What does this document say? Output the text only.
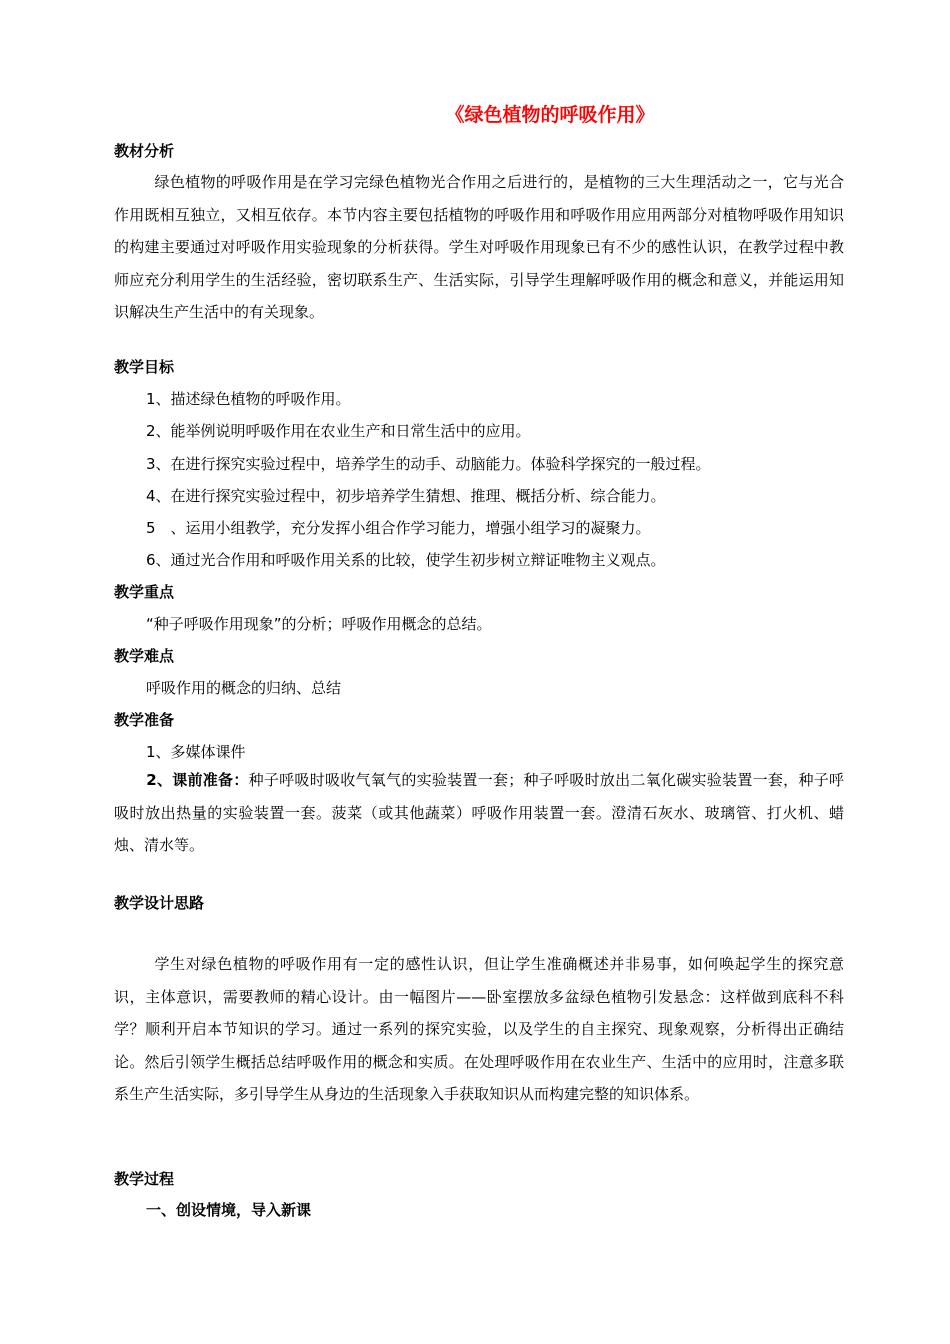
《绿色植物的呼吸作用》
教材分析

绿色植物的呼吸作用是在学习完绿色植物光合作用之后进行的，是植物的三大生理活动之一，它与光合作用既相互独立，又相互依存。本节内容主要包括植物的呼吸作用和呼吸作用应用两部分对植物呼吸作用知识的构建主要通过对呼吸作用实验现象的分析获得。学生对呼吸作用现象已有不少的感性认识，在教学过程中教师应充分利用学生的生活经验，密切联系生产、生活实际，引导学生理解呼吸作用的概念和意义，并能运用知识解决生产生活中的有关现象。

教学目标
1、描述绿色植物的呼吸作用。
2、能举例说明呼吸作用在农业生产和日常生活中的应用。
3、在进行探究实验过程中，培养学生的动手、动脑能力。体验科学探究的一般过程。
4、在进行探究实验过程中，初步培养学生猜想、推理、概括分析、综合能力。
5　、运用小组教学，充分发挥小组合作学习能力，增强小组学习的凝聚力。
6、通过光合作用和呼吸作用关系的比较，使学生初步树立辩证唯物主义观点。
教学重点
“种子呼吸作用现象”的分析；呼吸作用概念的总结。
教学难点
呼吸作用的概念的归纳、总结
教学准备
1、多媒体课件

2、课前准备：种子呼吸时吸收气氧气的实验装置一套；种子呼吸时放出二氧化碳实验装置一套，种子呼吸时放出热量的实验装置一套。菠菜（或其他蔬菜）呼吸作用装置一套。澄清石灰水、玻璃管、打火机、蜡烛、清水等。

教学设计思路

学生对绿色植物的呼吸作用有一定的感性认识，但让学生准确概述并非易事，如何唤起学生的探究意识，主体意识，需要教师的精心设计。由一幅图片——卧室摆放多盆绿色植物引发悬念：这样做到底科不科学？顺利开启本节知识的学习。通过一系列的探究实验，以及学生的自主探究、现象观察，分析得出正确结论。然后引领学生概括总结呼吸作用的概念和实质。在处理呼吸作用在农业生产、生活中的应用时，注意多联系生产生活实际，多引导学生从身边的生活现象入手获取知识从而构建完整的知识体系。

教学过程
一、创设情境，导入新课
